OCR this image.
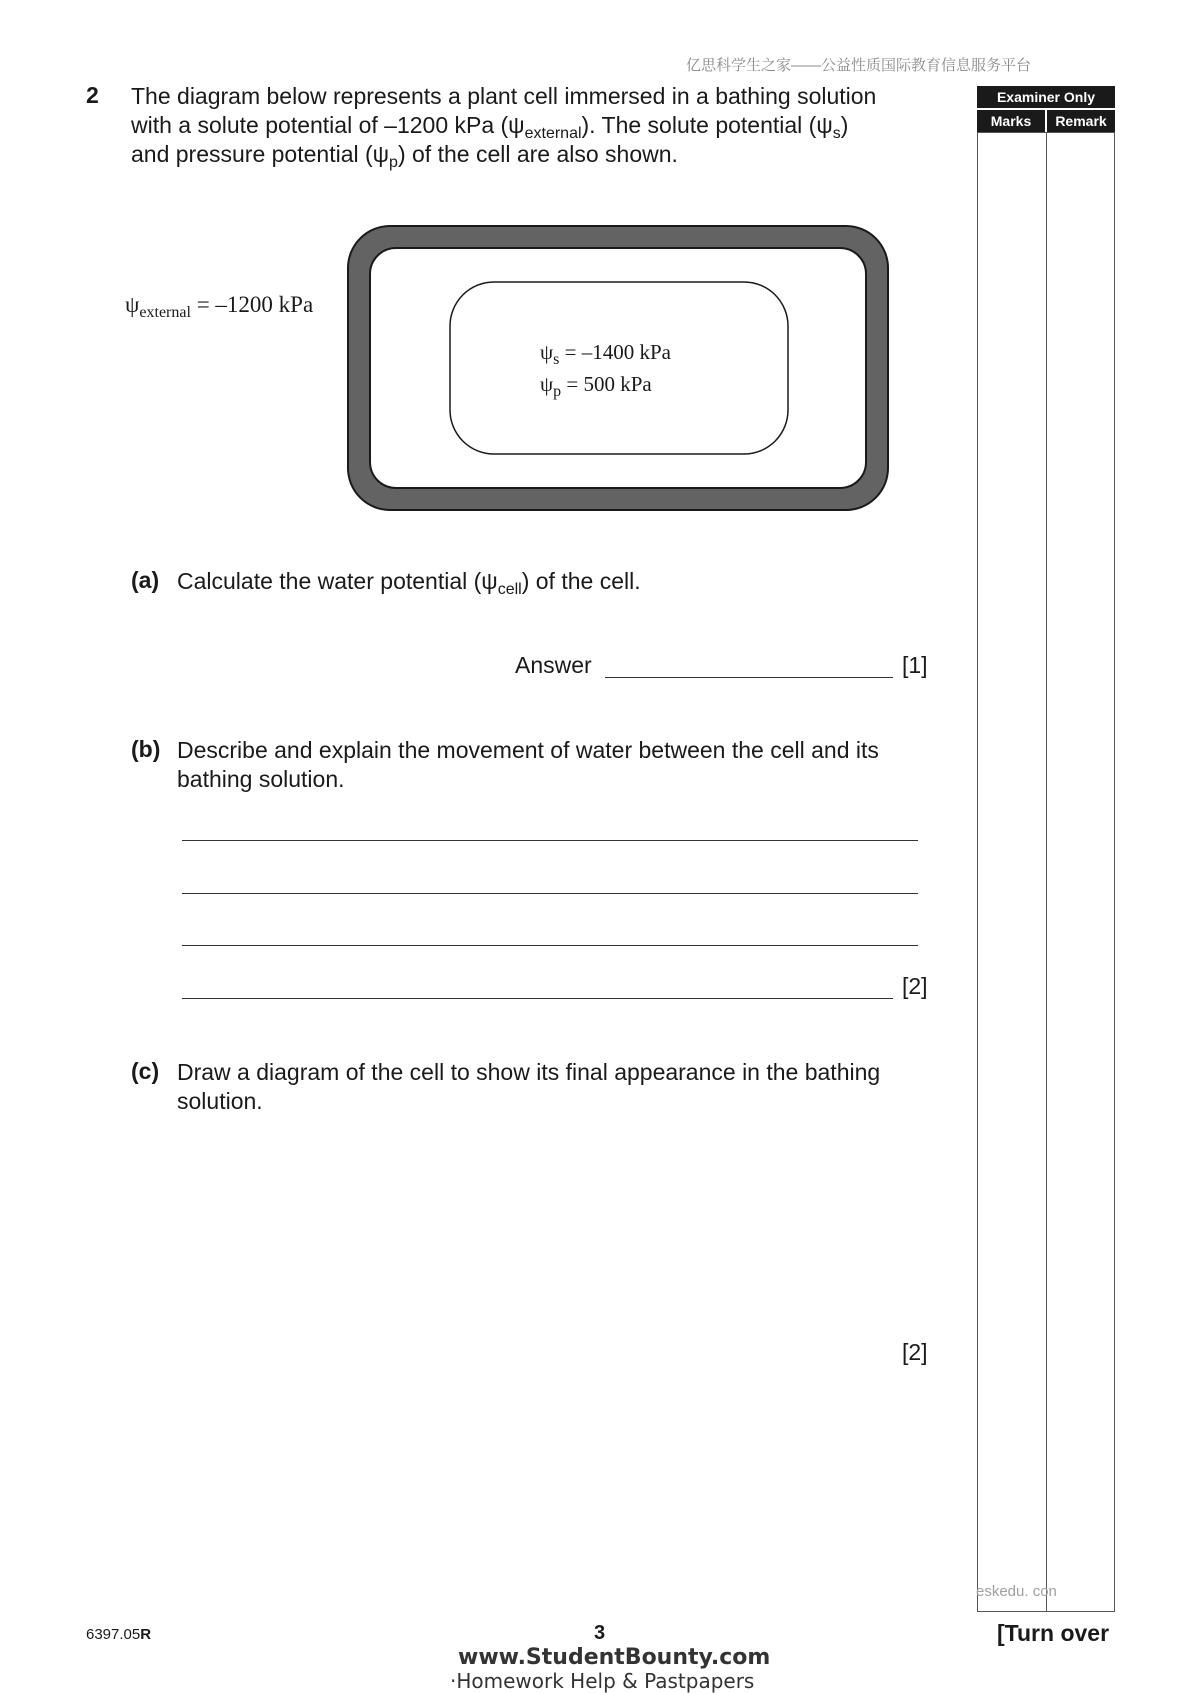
亿思科学生之家——公益性质国际教育信息服务平台
2 The diagram below represents a plant cell immersed in a bathing solution
with a solute potential of –1200 kPa $(\psi_{external})$. The solute potential $(\psi_s)$
and pressure potential $(\psi_p)$ of the cell are also shown.
Examiner Only
Marks	Remark
eskedu. con
$\psi_{external} = -1200$ kPa
$\psi_s = -1400$ kPa
$\psi_p = 500$ kPa
(a) Calculate the water potential $(\psi_{cell})$ of the cell.
Answer	[1]
(b) Describe and explain the movement of water between the cell and its
bathing solution.
[2]
(c) Draw a diagram of the cell to show its final appearance in the bathing
solution.
[2]
6397.05R	3	[Turn over
www.StudentBounty.com
·Homework Help & Pastpapers
